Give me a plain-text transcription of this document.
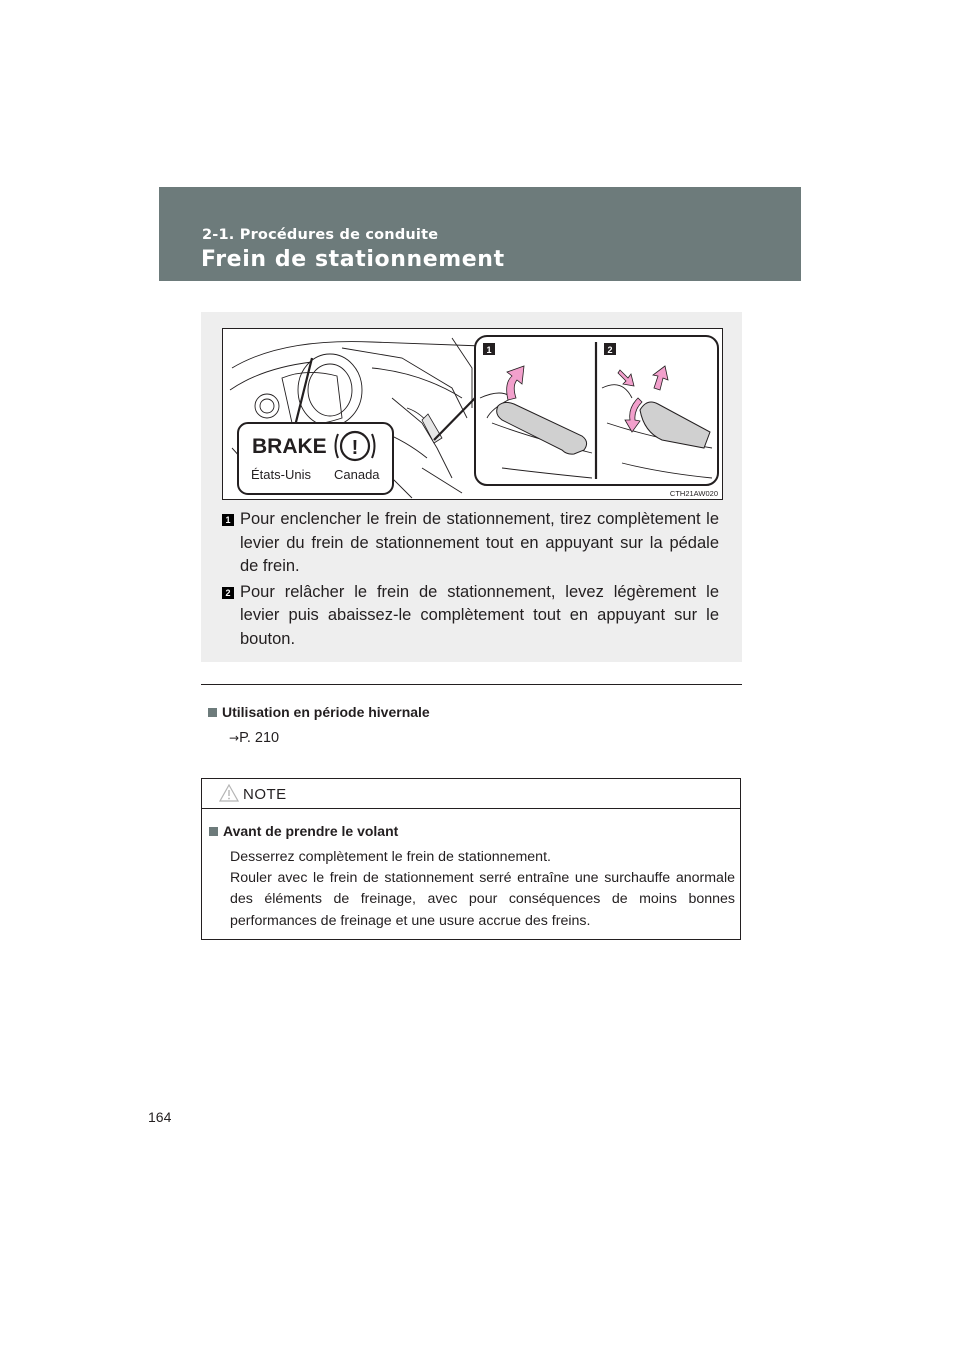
2-1. Procédures de conduite
Frein de stationnement
BRAKE !
États-Unis Canada
1	2
CTH21AW020
1 Pour enclencher le frein de stationnement, tirez complètement le levier du frein de stationnement tout en appuyant sur la pédale de frein.
2 Pour relâcher le frein de stationnement, levez légèrement le levier puis abaissez-le complètement tout en appuyant sur le bouton.
Utilisation en période hivernale
→P. 210
NOTE
Avant de prendre le volant
Desserrez complètement le frein de stationnement.
Rouler avec le frein de stationnement serré entraîne une surchauffe anormale des éléments de freinage, avec pour conséquences de moins bonnes performances de freinage et une usure accrue des freins.
164
